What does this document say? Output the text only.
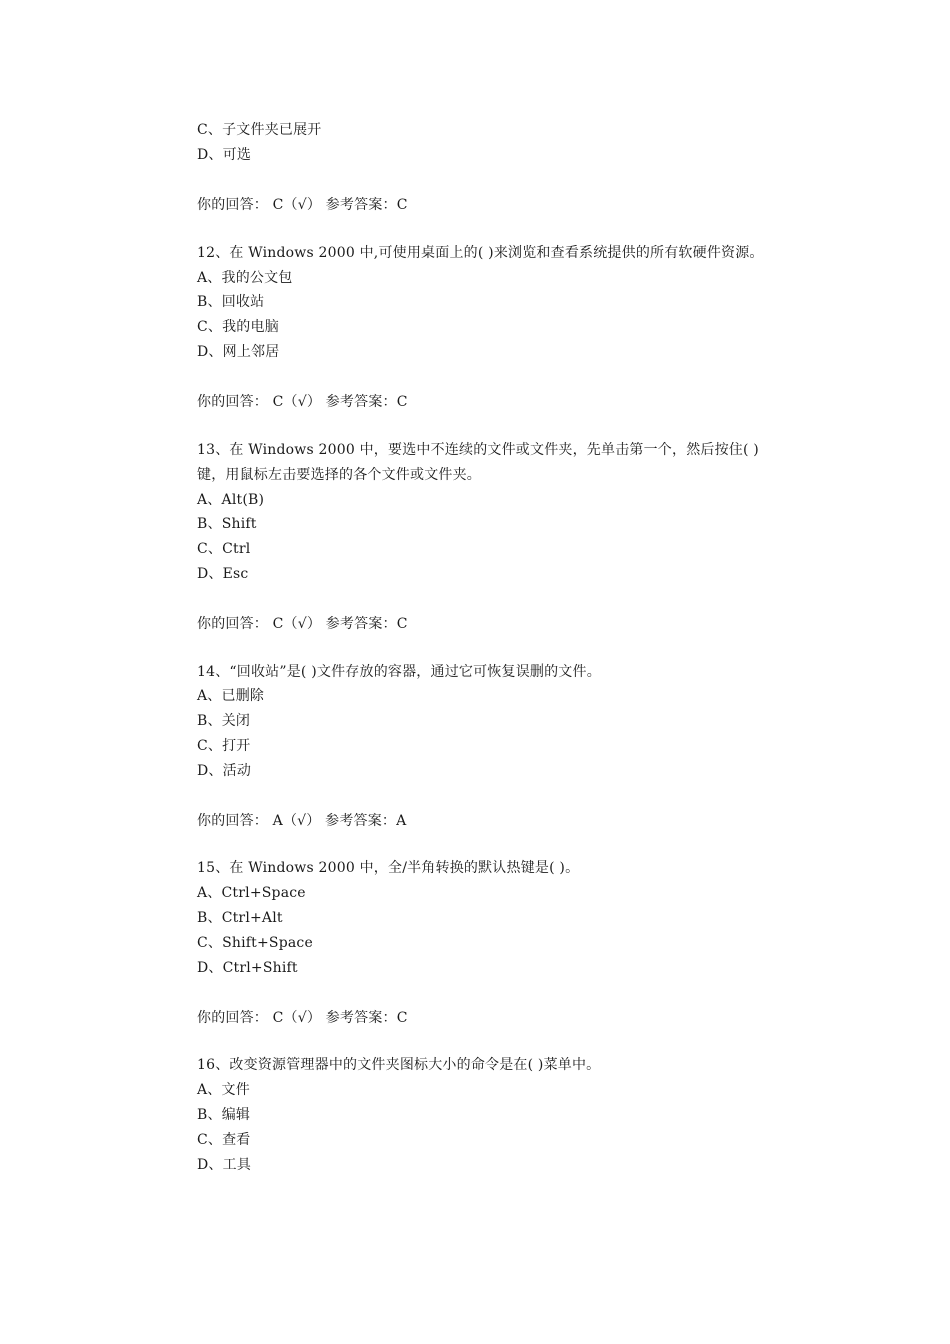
C、子文件夹已展开
D、可选
你的回答： C（√） 参考答案：C
12、在 Windows 2000 中,可使用桌面上的( )来浏览和查看系统提供的所有软硬件资源。
A、我的公文包
B、回收站
C、我的电脑
D、网上邻居
你的回答： C（√） 参考答案：C
13、在 Windows 2000 中，要选中不连续的文件或文件夹，先单击第一个，然后按住( )
键，用鼠标左击要选择的各个文件或文件夹。
A、Alt(B)
B、Shift
C、Ctrl
D、Esc
你的回答： C（√） 参考答案：C
14、“回收站”是( )文件存放的容器，通过它可恢复误删的文件。
A、已删除
B、关闭
C、打开
D、活动
你的回答： A（√） 参考答案：A
15、在 Windows 2000 中，全/半角转换的默认热键是( )。
A、Ctrl+Space
B、Ctrl+Alt
C、Shift+Space
D、Ctrl+Shift
你的回答： C（√） 参考答案：C
16、改变资源管理器中的文件夹图标大小的命令是在( )菜单中。
A、文件
B、编辑
C、查看
D、工具
